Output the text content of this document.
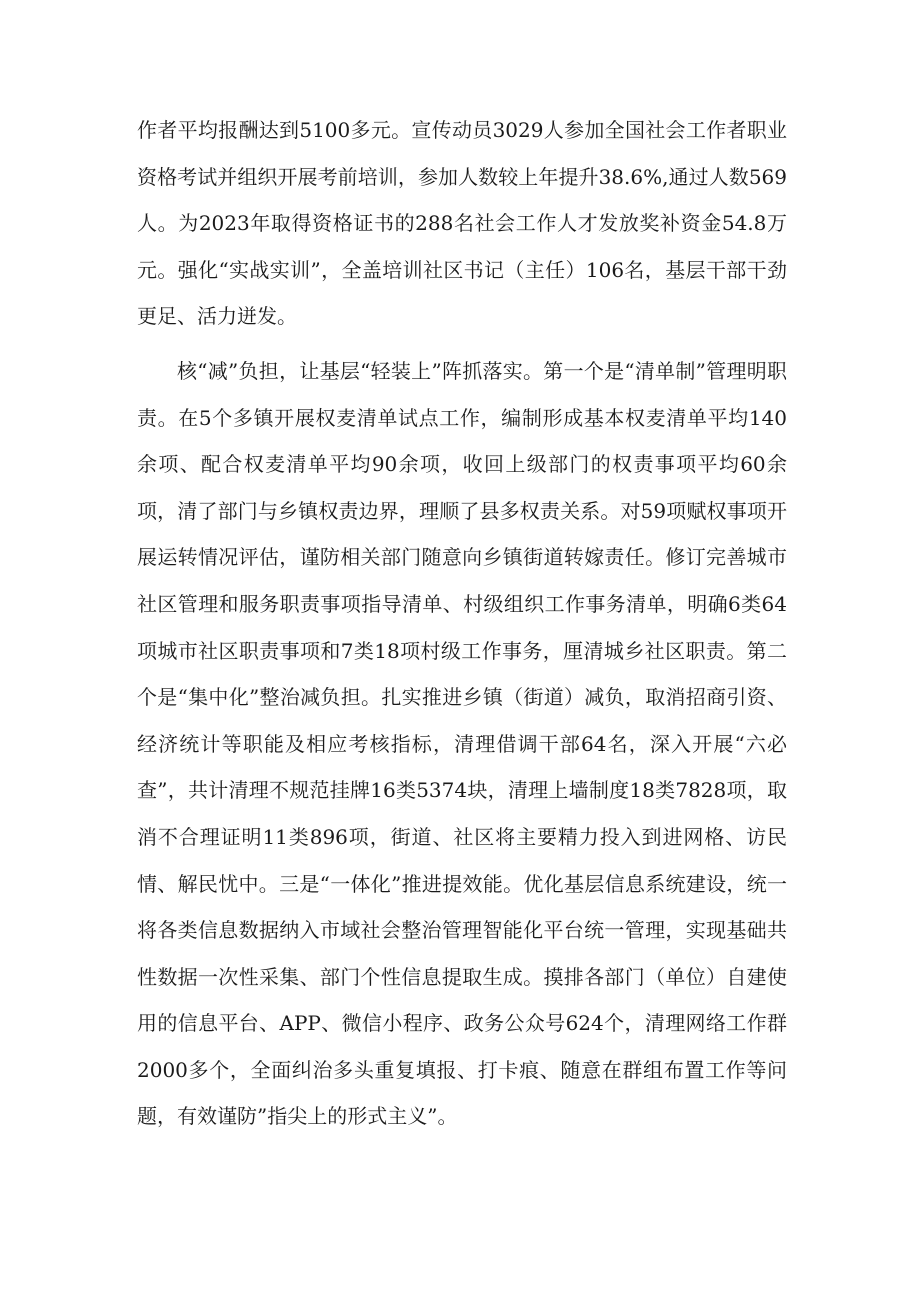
作者平均报酬达到5100多元。宣传动员3029人参加全国社会工作者职业资格考试并组织开展考前培训，参加人数较上年提升38.6%,通过人数569人。为2023年取得资格证书的288名社会工作人才发放奖补资金54.8万元。强化“实战实训”，全盖培训社区书记（主任）106名，基层干部干劲更足、活力迸发。

核“减”负担，让基层“轻装上”阵抓落实。第一个是“清单制”管理明职责。在5个多镇开展权麦清单试点工作，编制形成基本权麦清单平均140余项、配合权麦清单平均90余项，收回上级部门的权责事项平均60余项，清了部门与乡镇权责边界，理顺了县多权责关系。对59项赋权事项开展运转情况评估，谨防相关部门随意向乡镇街道转嫁责任。修订完善城市社区管理和服务职责事项指导清单、村级组织工作事务清单，明确6类64项城市社区职责事项和7类18项村级工作事务，厘清城乡社区职责。第二个是“集中化”整治减负担。扎实推进乡镇（街道）减负，取消招商引资、经济统计等职能及相应考核指标，清理借调干部64名，深入开展“六必查”，共计清理不规范挂牌16类5374块，清理上墙制度18类7828项，取消不合理证明11类896项，街道、社区将主要精力投入到进网格、访民情、解民忧中。三是“一体化”推进提效能。优化基层信息系统建设，统一将各类信息数据纳入市域社会整治管理智能化平台统一管理，实现基础共性数据一次性采集、部门个性信息提取生成。摸排各部门（单位）自建使用的信息平台、APP、微信小程序、政务公众号624个，清理网络工作群2000多个，全面纠治多头重复填报、打卡痕、随意在群组布置工作等问题，有效谨防”指尖上的形式主义”。
